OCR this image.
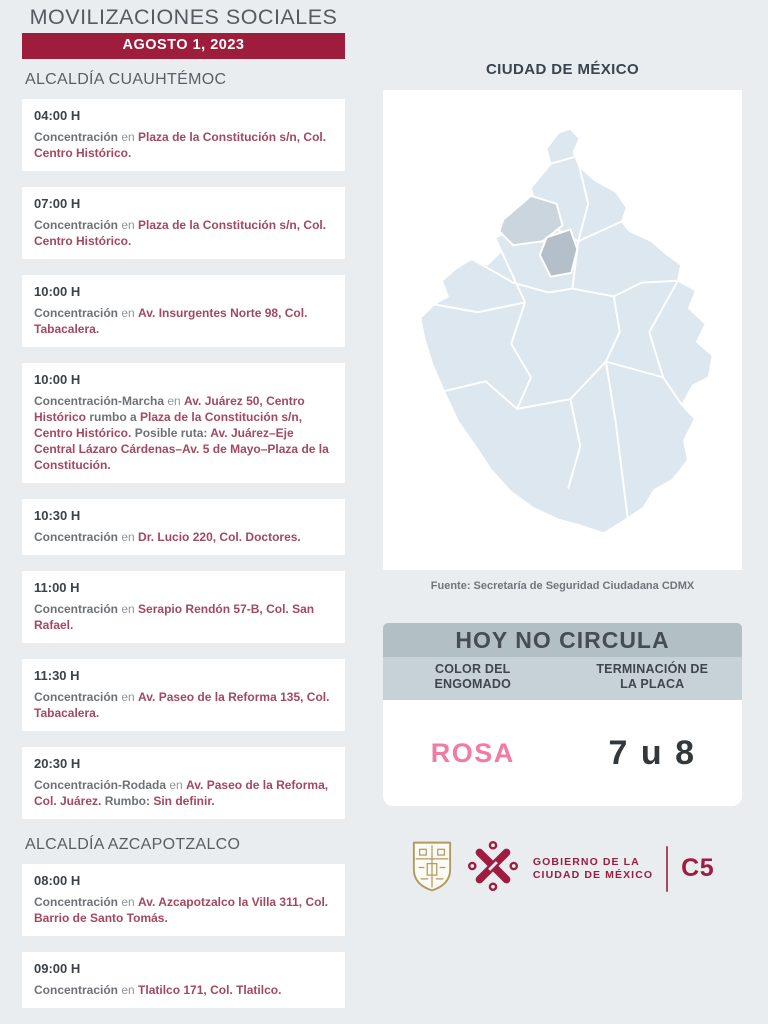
MOVILIZACIONES SOCIALES
AGOSTO 1, 2023
ALCALDÍA CUAUHTÉMOC
04:00 H

Concentración en Plaza de la Constitución s/n, Col. Centro Histórico.

07:00 H

Concentración en Plaza de la Constitución s/n, Col. Centro Histórico.

10:00 H

Concentración en Av. Insurgentes Norte 98, Col. Tabacalera.

10:00 H

Concentración-Marcha en Av. Juárez 50, Centro Histórico rumbo a Plaza de la Constitución s/n, Centro Histórico. Posible ruta: Av. Juárez–Eje Central Lázaro Cárdenas–Av. 5 de Mayo–Plaza de la Constitución.

10:30 H

Concentración en Dr. Lucio 220, Col. Doctores.

11:00 H

Concentración en Serapio Rendón 57-B, Col. San Rafael.

11:30 H

Concentración en Av. Paseo de la Reforma 135, Col. Tabacalera.

20:30 H

Concentración-Rodada en Av. Paseo de la Reforma, Col. Juárez. Rumbo: Sin definir.

ALCALDÍA AZCAPOTZALCO
08:00 H

Concentración en Av. Azcapotzalco la Villa 311, Col. Barrio de Santo Tomás.

09:00 H

Concentración en Tlatilco 171, Col. Tlatilco.

CIUDAD DE MÉXICO
Fuente: Secretaría de Seguridad Ciudadana CDMX
HOY NO CIRCULA
COLOR DEL ENGOMADO
TERMINACIÓN DE LA PLACA
ROSA	7 u 8
GOBIERNO DE LA
CIUDAD DE MÉXICO C5
